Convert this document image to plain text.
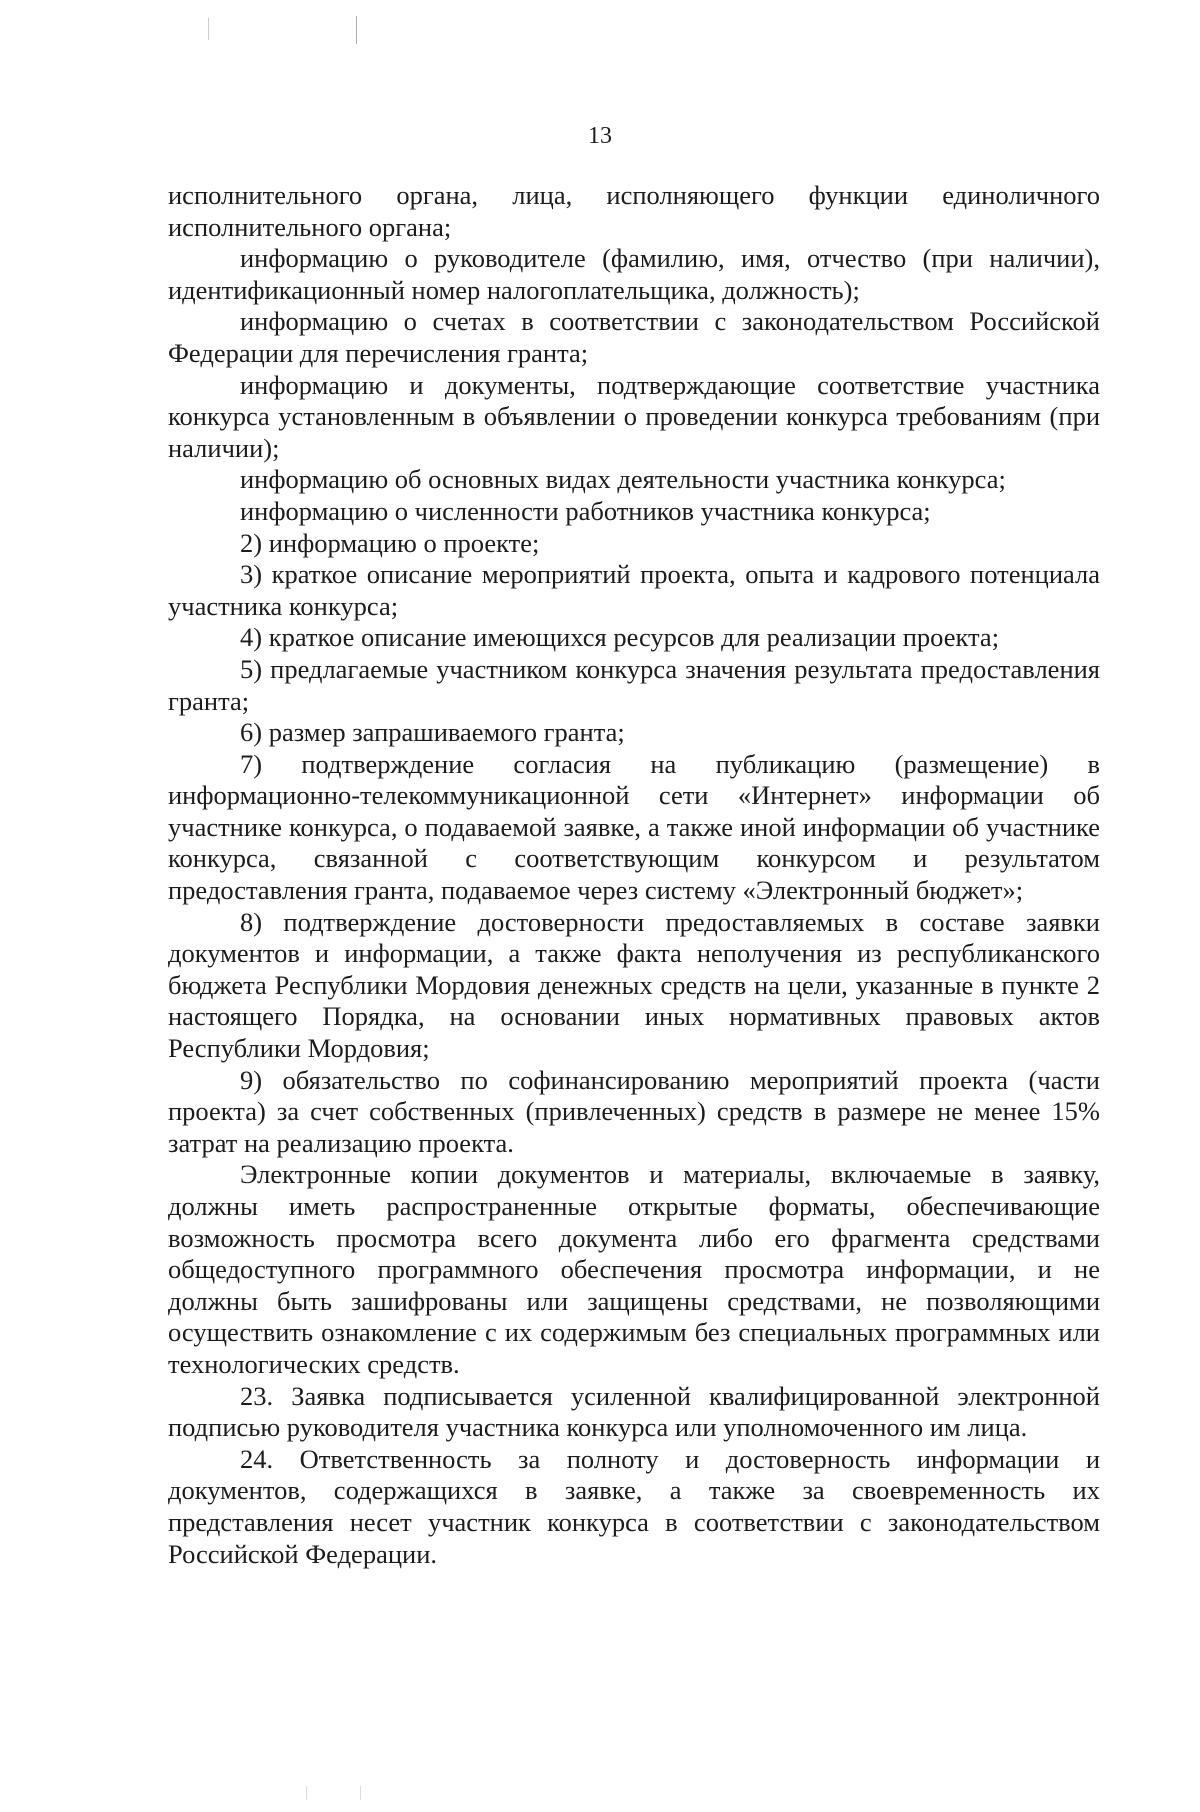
13

исполнительного органа, лица, исполняющего функции единоличного исполнительного органа;

информацию о руководителе (фамилию, имя, отчество (при наличии), идентификационный номер налогоплательщика, должность);

информацию о счетах в соответствии с законодательством Российской Федерации для перечисления гранта;

информацию и документы, подтверждающие соответствие участника конкурса установленным в объявлении о проведении конкурса требованиям (при наличии);

информацию об основных видах деятельности участника конкурса;

информацию о численности работников участника конкурса;

2) информацию о проекте;

3) краткое описание мероприятий проекта, опыта и кадрового потенциала участника конкурса;

4) краткое описание имеющихся ресурсов для реализации проекта;

5) предлагаемые участником конкурса значения результата предоставления гранта;

6) размер запрашиваемого гранта;

7) подтверждение согласия на публикацию (размещение) в информационно-телекоммуникационной сети «Интернет» информации об участнике конкурса, о подаваемой заявке, а также иной информации об участнике конкурса, связанной с соответствующим конкурсом и результатом предоставления гранта, подаваемое через систему «Электронный бюджет»;

8) подтверждение достоверности предоставляемых в составе заявки документов и информации, а также факта неполучения из республиканского бюджета Республики Мордовия денежных средств на цели, указанные в пункте 2 настоящего Порядка, на основании иных нормативных правовых актов Республики Мордовия;

9) обязательство по софинансированию мероприятий проекта (части проекта) за счет собственных (привлеченных) средств в размере не менее 15% затрат на реализацию проекта.

Электронные копии документов и материалы, включаемые в заявку, должны иметь распространенные открытые форматы, обеспечивающие возможность просмотра всего документа либо его фрагмента средствами общедоступного программного обеспечения просмотра информации, и не должны быть зашифрованы или защищены средствами, не позволяющими осуществить ознакомление с их содержимым без специальных программных или технологических средств.

23. Заявка подписывается усиленной квалифицированной электронной подписью руководителя участника конкурса или уполномоченного им лица.

24. Ответственность за полноту и достоверность информации и документов, содержащихся в заявке, а также за своевременность их представления несет участник конкурса в соответствии с законодательством Российской Федерации.
